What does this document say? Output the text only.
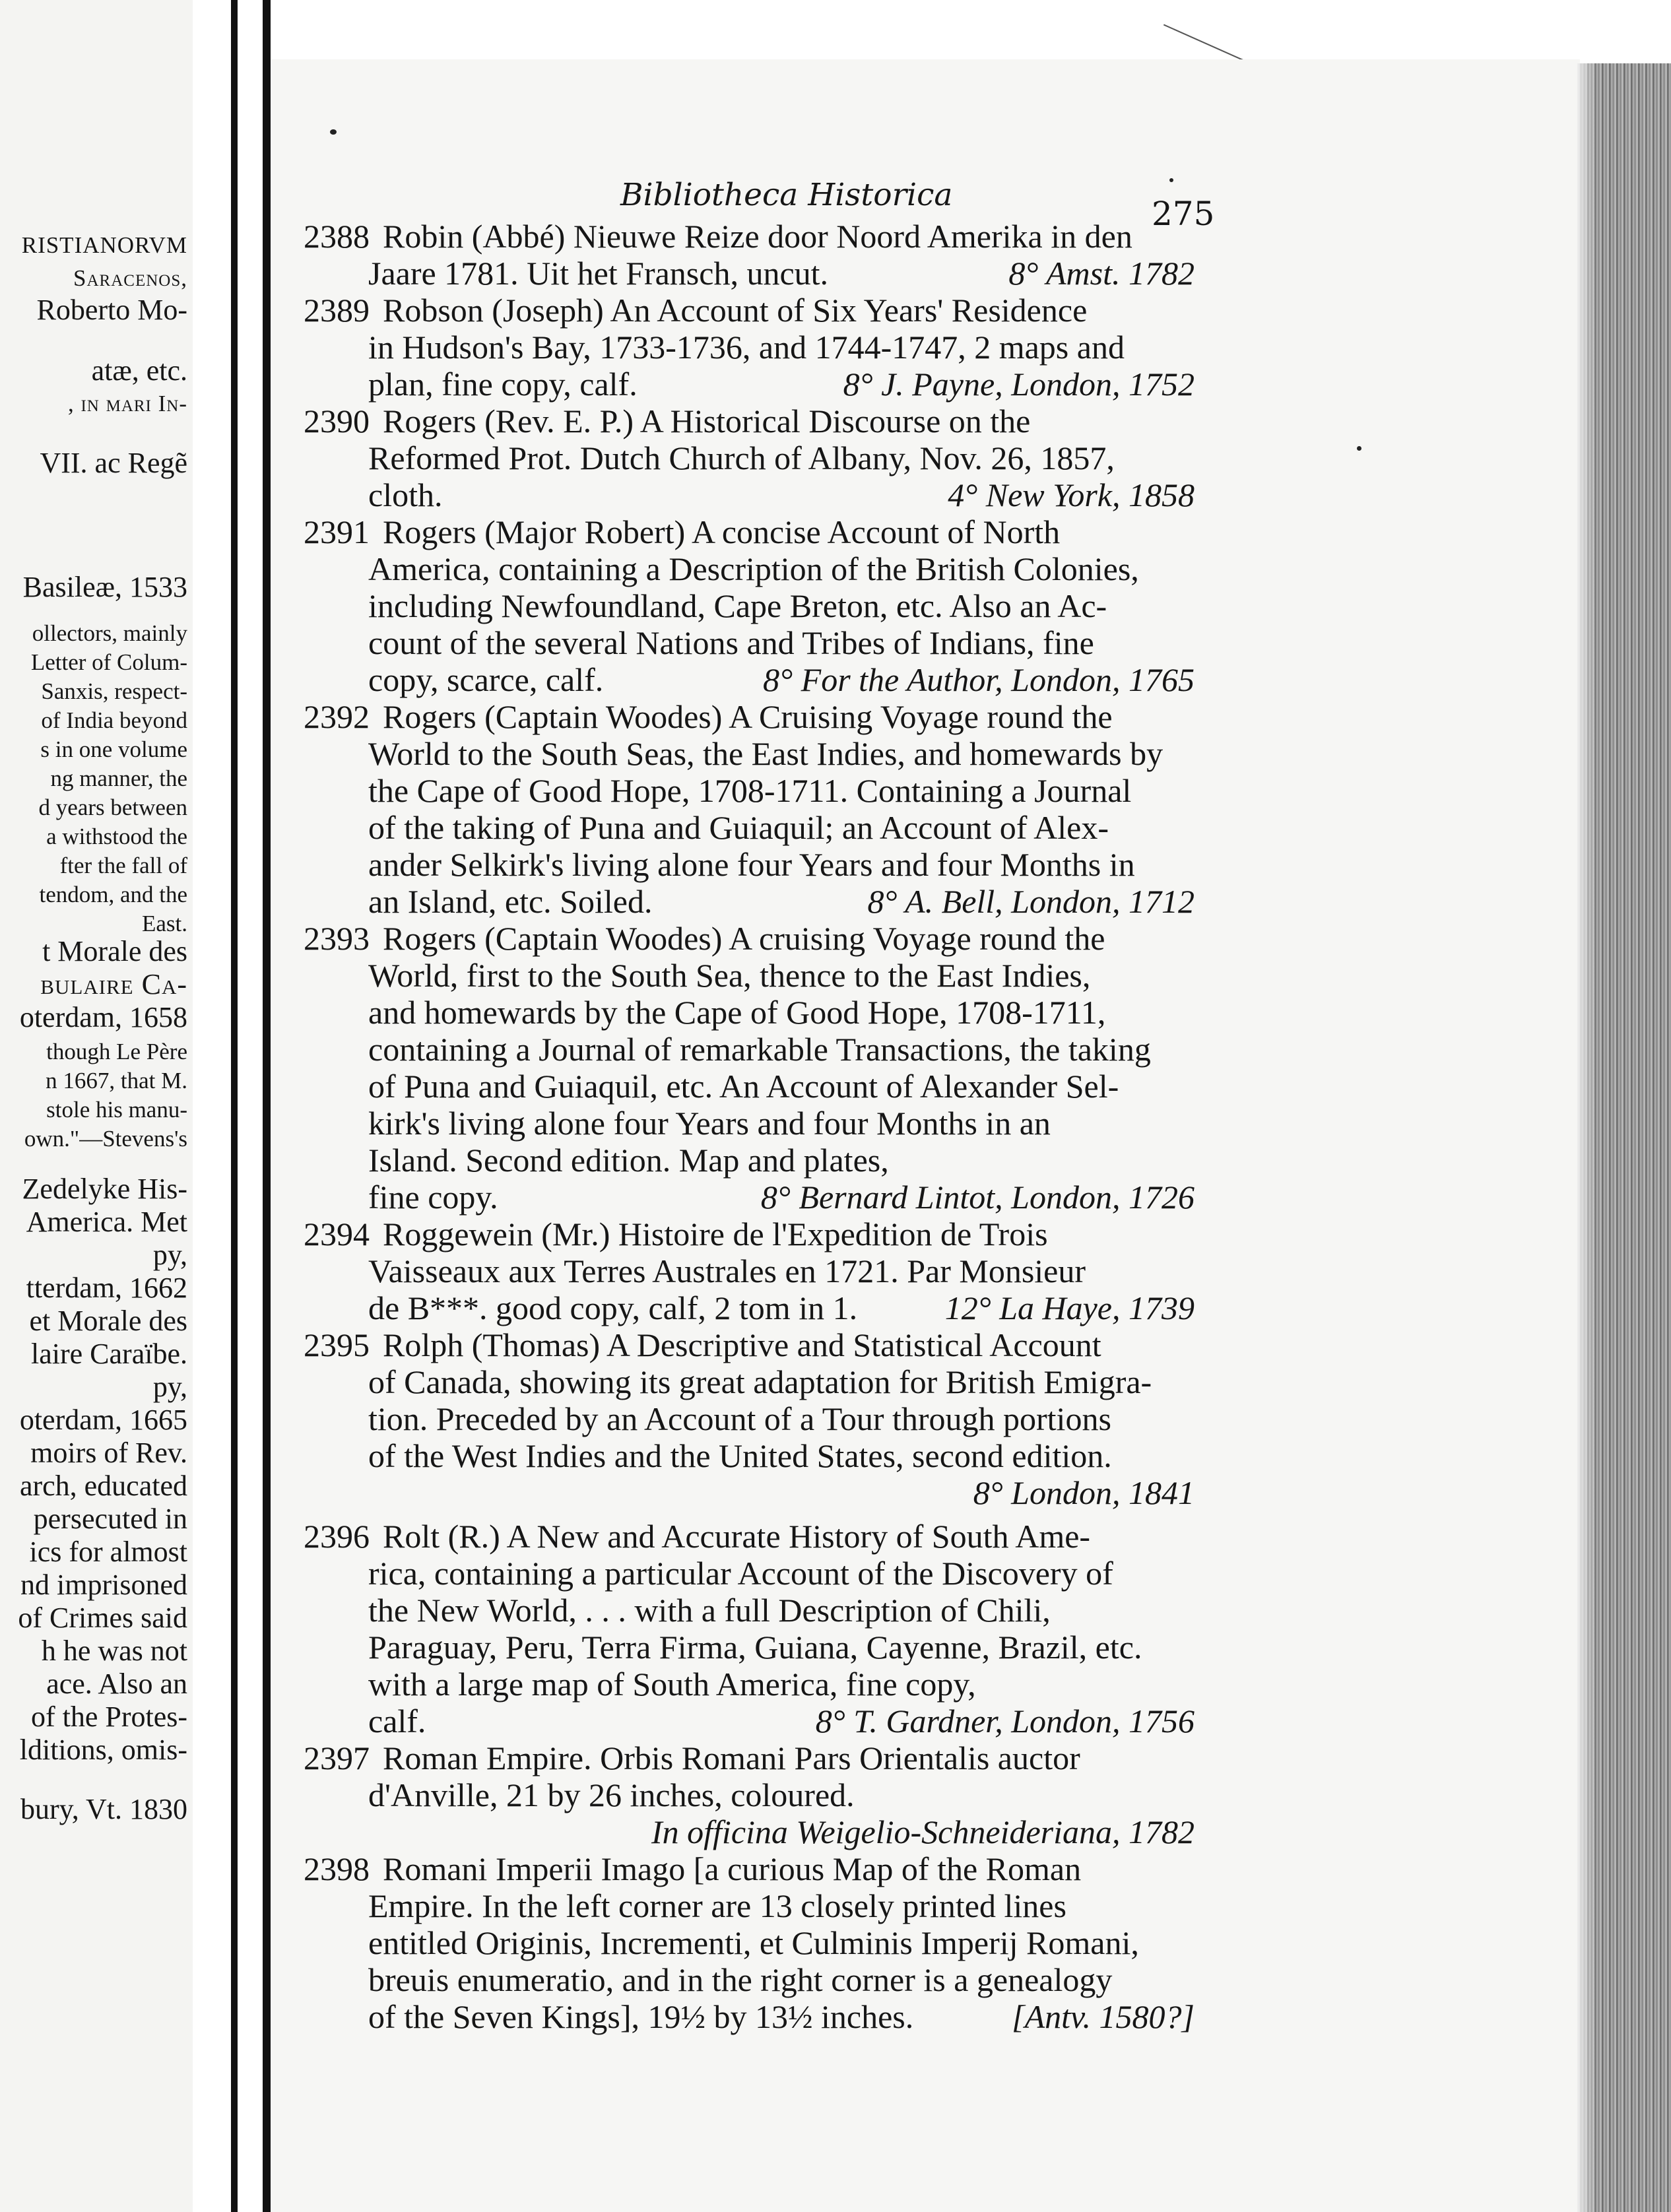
RISTIANORVM
Saracenos,
Roberto Mo-
atæ, etc.
, in mari In-
VII. ac Regẽ
Basileæ, 1533
ollectors, mainly
Letter of Colum-
Sanxis, respect-
of India beyond
s in one volume
ng manner, the
d years between
a withstood the
fter the fall of
tendom, and the
East.
t Morale des
bulaire Ca-
oterdam, 1658
though Le Père
n 1667, that M.
stole his manu-
own."—Stevens's
Zedelyke His-
America. Met
py,
tterdam, 1662
et Morale des
laire Caraïbe.
py,
oterdam, 1665
moirs of Rev.
arch, educated
persecuted in
ics for almost
nd imprisoned
of Crimes said
h he was not
ace. Also an
of the Protes-
lditions, omis-
bury, Vt. 1830
Bibliotheca Historica	275
2388 Robin (Abbé) Nieuwe Reize door Noord Amerika in den
Jaare 1781. Uit het Fransch, uncut.	8° Amst. 1782
2389 Robson (Joseph) An Account of Six Years' Residence
in Hudson's Bay, 1733-1736, and 1744-1747, 2 maps and
plan, fine copy, calf.	8° J. Payne, London, 1752
2390 Rogers (Rev. E. P.) A Historical Discourse on the
Reformed Prot. Dutch Church of Albany, Nov. 26, 1857,
cloth.	4° New York, 1858
2391 Rogers (Major Robert) A concise Account of North
America, containing a Description of the British Colonies,
including Newfoundland, Cape Breton, etc. Also an Ac-
count of the several Nations and Tribes of Indians, fine
copy, scarce, calf.	8° For the Author, London, 1765
2392 Rogers (Captain Woodes) A Cruising Voyage round the
World to the South Seas, the East Indies, and homewards by
the Cape of Good Hope, 1708-1711. Containing a Journal
of the taking of Puna and Guiaquil; an Account of Alex-
ander Selkirk's living alone four Years and four Months in
an Island, etc. Soiled.	8° A. Bell, London, 1712
2393 Rogers (Captain Woodes) A cruising Voyage round the
World, first to the South Sea, thence to the East Indies,
and homewards by the Cape of Good Hope, 1708-1711,
containing a Journal of remarkable Transactions, the taking
of Puna and Guiaquil, etc. An Account of Alexander Sel-
kirk's living alone four Years and four Months in an
Island. Second edition. Map and plates,
fine copy.	8° Bernard Lintot, London, 1726
2394 Roggewein (Mr.) Histoire de l'Expedition de Trois
Vaisseaux aux Terres Australes en 1721. Par Monsieur
de B***. good copy, calf, 2 tom in 1.	12° La Haye, 1739
2395 Rolph (Thomas) A Descriptive and Statistical Account
of Canada, showing its great adaptation for British Emigra-
tion. Preceded by an Account of a Tour through portions
of the West Indies and the United States, second edition.
8° London, 1841
2396 Rolt (R.) A New and Accurate History of South Ame-
rica, containing a particular Account of the Discovery of
the New World, . . . with a full Description of Chili,
Paraguay, Peru, Terra Firma, Guiana, Cayenne, Brazil, etc.
with a large map of South America, fine copy,
calf.	8° T. Gardner, London, 1756
2397 Roman Empire. Orbis Romani Pars Orientalis auctor
d'Anville, 21 by 26 inches, coloured.
In officina Weigelio-Schneideriana, 1782
2398 Romani Imperii Imago [a curious Map of the Roman
Empire. In the left corner are 13 closely printed lines
entitled Originis, Incrementi, et Culminis Imperij Romani,
breuis enumeratio, and in the right corner is a genealogy
of the Seven Kings], 19½ by 13½ inches.	[Antv. 1580?]
